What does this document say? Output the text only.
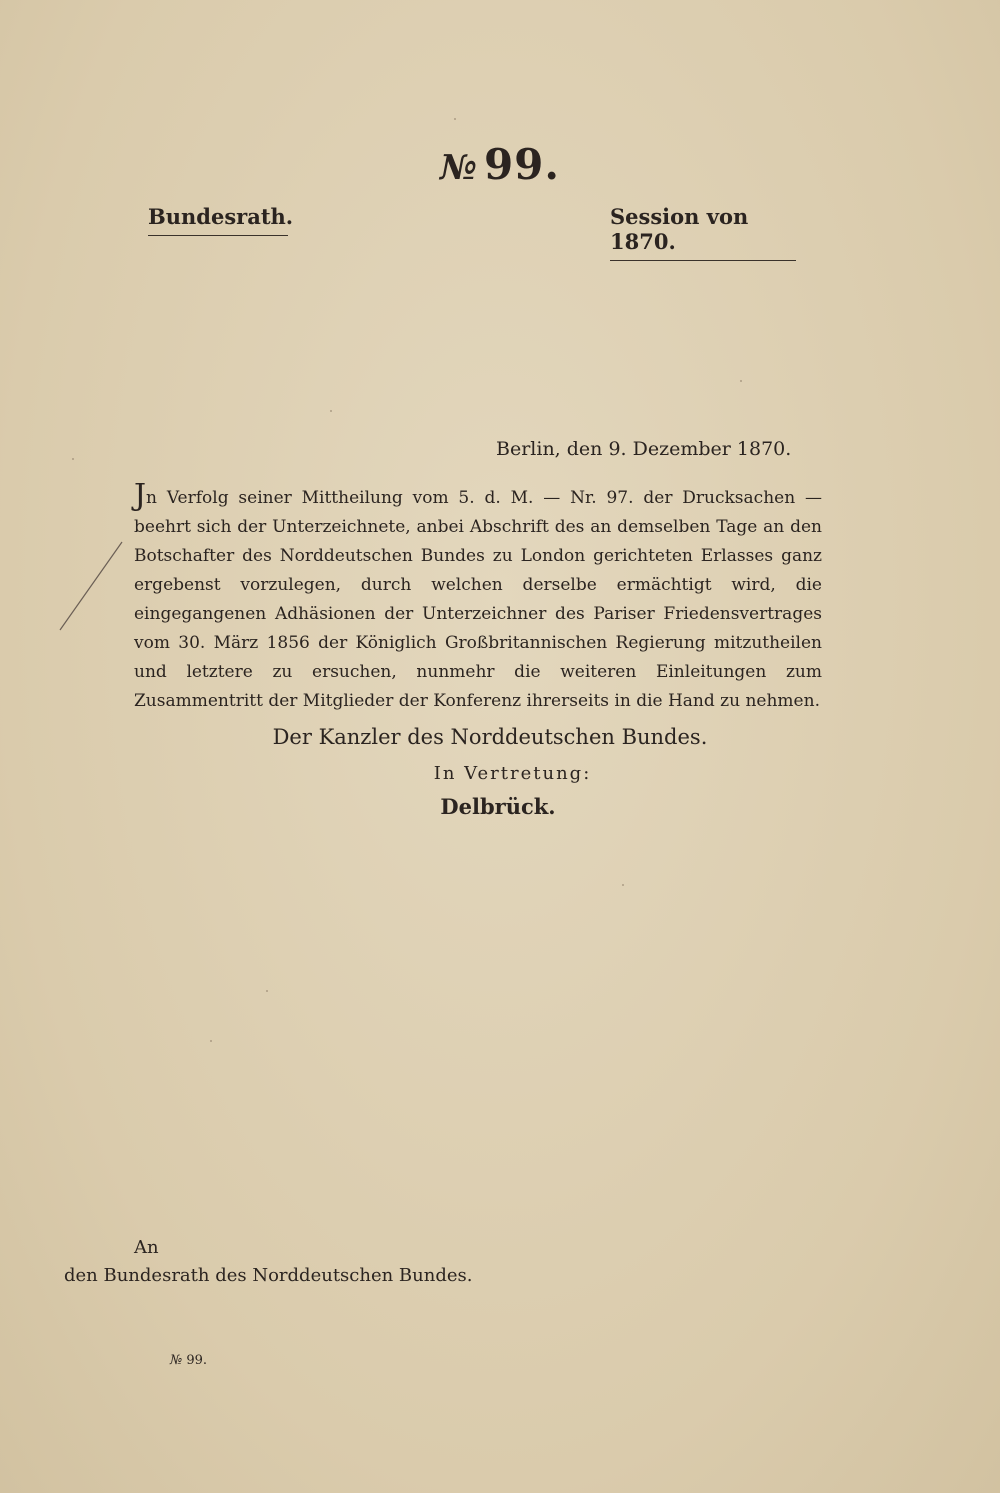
№ 99.
Bundesrath.	Session von 1870.
Berlin, den 9. Dezember 1870.
Jn Verfolg seiner Mittheilung vom 5. d. M. — Nr. 97. der Drucksachen — beehrt sich der Unterzeichnete, anbei Abschrift des an demselben Tage an den Botschafter des Norddeutschen Bundes zu London gerichteten Erlasses ganz ergebenst vorzulegen, durch welchen derselbe ermächtigt wird, die eingegangenen Adhäsionen der Unterzeichner des Pariser Friedensvertrages vom 30. März 1856 der Königlich Großbritannischen Regierung mitzutheilen und letztere zu ersuchen, nunmehr die weiteren Einleitungen zum Zusammentritt der Mitglieder der Konferenz ihrerseits in die Hand zu nehmen.
Der Kanzler des Norddeutschen Bundes.
In Vertretung:
Delbrück.
An
den Bundesrath des Norddeutschen Bundes.
№ 99.
